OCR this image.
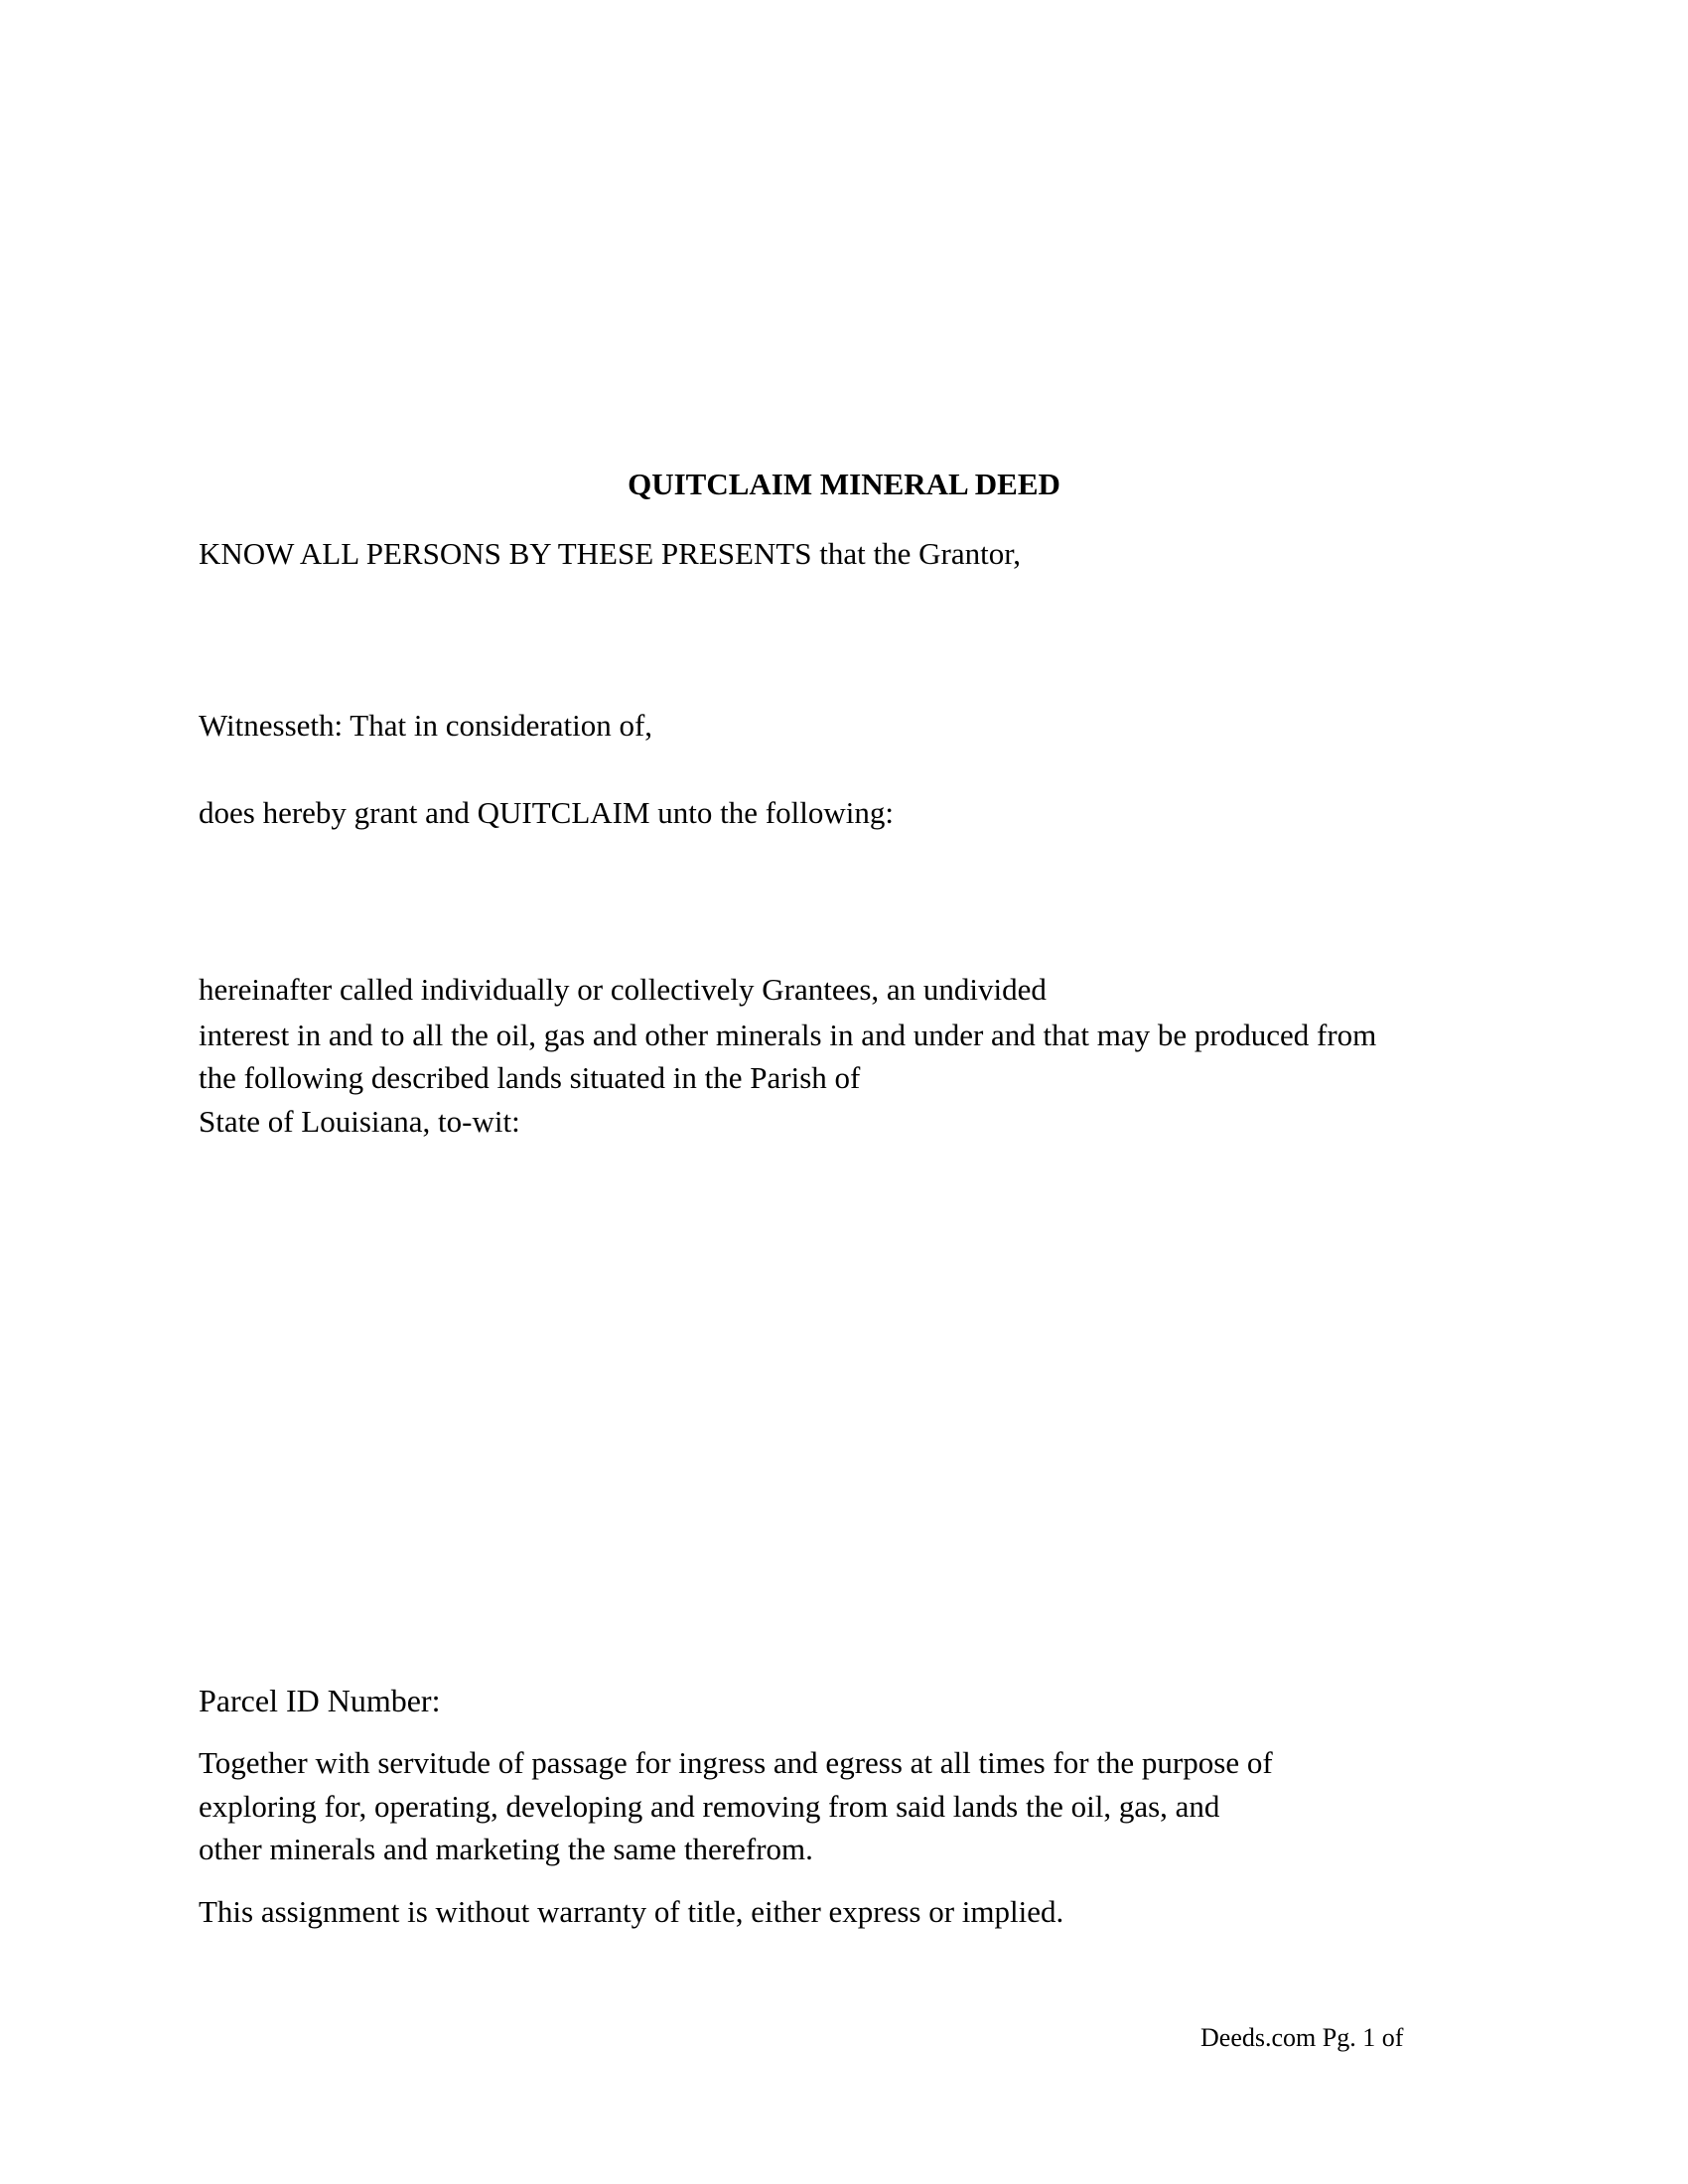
QUITCLAIM MINERAL DEED

KNOW ALL PERSONS BY THESE PRESENTS that the Grantor,

Witnesseth: That in consideration of,

does hereby grant and QUITCLAIM unto the following:

hereinafter called individually or collectively Grantees, an undivided

interest in and to all the oil, gas and other minerals in and under and that may be produced from

the following described lands situated in the Parish of

State of Louisiana, to-wit:

Parcel ID Number:

Together with servitude of passage for ingress and egress at all times for the purpose of

exploring for, operating, developing and removing from said lands the oil, gas, and

other minerals and marketing the same therefrom.

This assignment is without warranty of title, either express or implied.

Deeds.com Pg. 1 of
